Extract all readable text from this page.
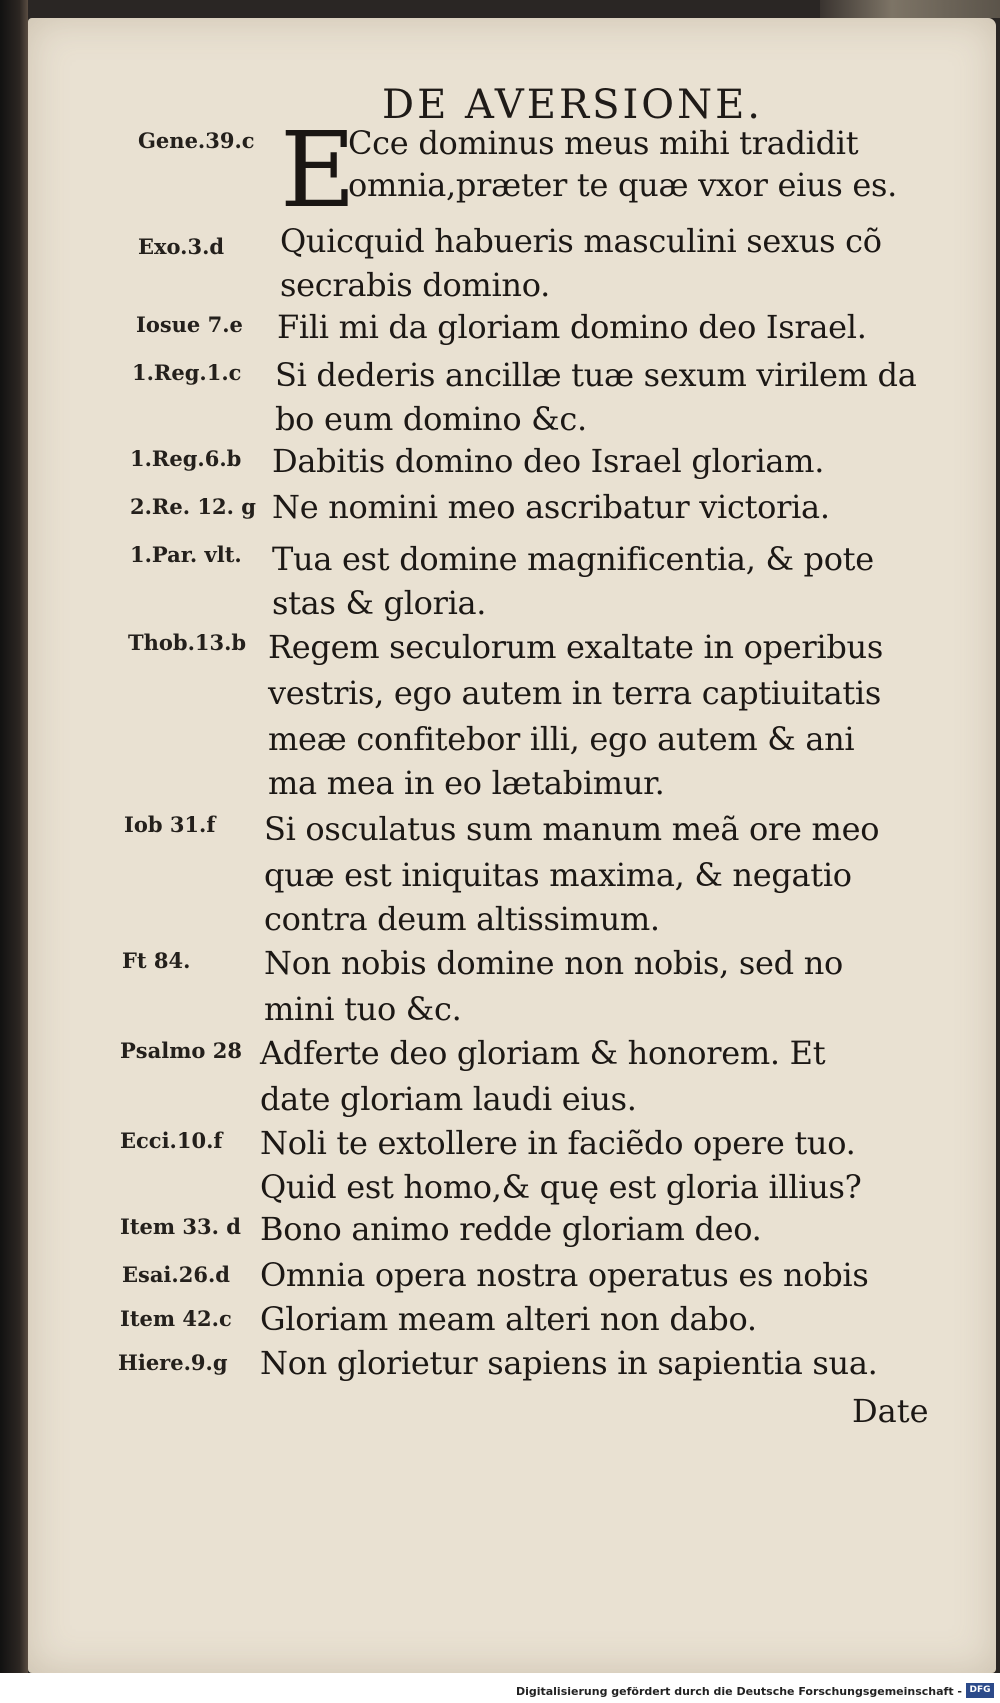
DE AVERSIONE.
E
Gene.39.c	Cce dominus meus mihi tradidit
omnia,præter te quæ vxor eius es.
Exo.3.d Quicquid habueris masculini sexus cõ
secrabis domino.
Iosue 7.e Fili mi da gloriam domino deo Israel.
1.Reg.1.c Si dederis ancillæ tuæ sexum virilem da
bo eum domino &c.
1.Reg.6.b Dabitis domino deo Israel gloriam.
2.Re. 12. g Ne nomini meo ascribatur victoria.
1.Par. vlt. Tua est domine magnificentia, & pote
stas & gloria.
Thob.13.b Regem seculorum exaltate in operibus
vestris, ego autem in terra captiuitatis
meæ confitebor illi, ego autem & ani
ma mea in eo lætabimur.
Iob 31.f Si osculatus sum manum meã ore meo
quæ est iniquitas maxima, & negatio
contra deum altissimum.
Ft 84. Non nobis domine non nobis, sed no
mini tuo &c.
Psalmo 28 Adferte deo gloriam & honorem. Et
date gloriam laudi eius.
Ecci.10.f Noli te extollere in faciẽdo opere tuo.
Quid est homo,& quę est gloria illius?
Item 33. d Bono animo redde gloriam deo.
Esai.26.d Omnia opera nostra operatus es nobis
Item 42.c Gloriam meam alteri non dabo.
Hiere.9.g Non glorietur sapiens in sapientia sua.
Date
Digitalisierung gefördert durch die Deutsche Forschungsgemeinschaft - DFG
